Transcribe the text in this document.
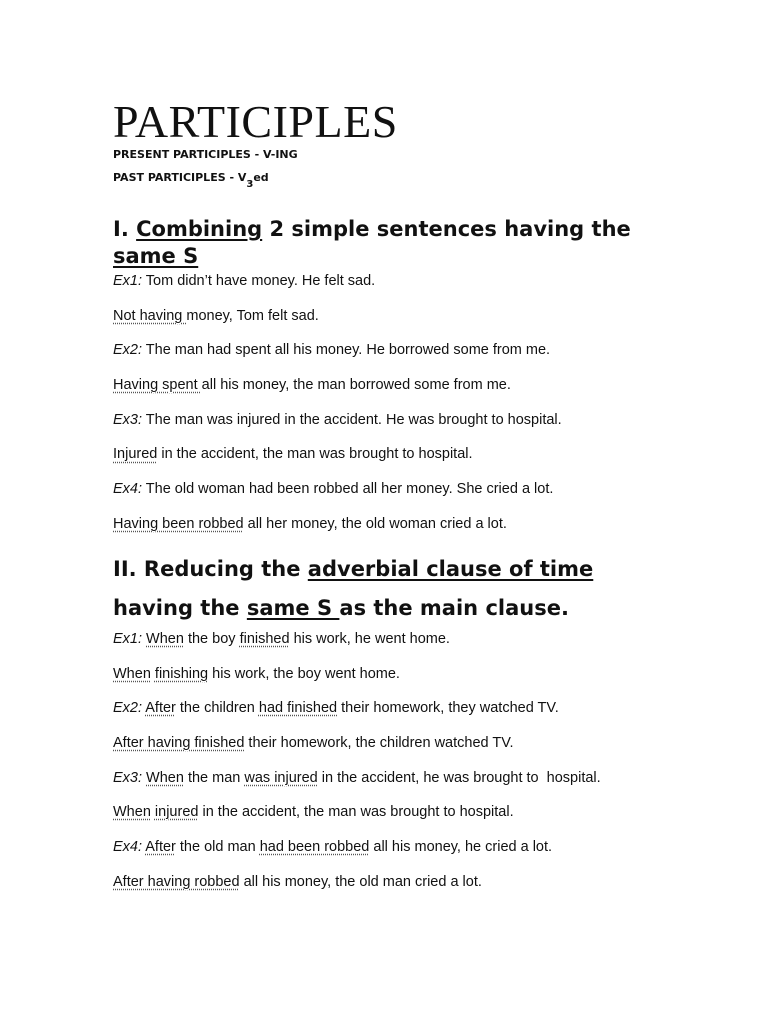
PARTICIPLES

PRESENT PARTICIPLES - V-ING

PAST PARTICIPLES - $V_3ed$

I. Combining 2 simple sentences having the same S

Ex1: Tom didn’t have money. He felt sad.

Not having money, Tom felt sad.

Ex2: The man had spent all his money. He borrowed some from me.

Having spent all his money, the man borrowed some from me.

Ex3: The man was injured in the accident. He was brought to hospital.

Injured in the accident, the man was brought to hospital.

Ex4: The old woman had been robbed all her money. She cried a lot.

Having been robbed all her money, the old woman cried a lot.

II. Reducing the adverbial clause of time having the same S as the main clause.

Ex1: When the boy finished his work, he went home.

When finishing his work, the boy went home.

Ex2: After the children had finished their homework, they watched TV.

After having finished their homework, the children watched TV.

Ex3: When the man was injured in the accident, he was brought to  hospital.

When injured in the accident, the man was brought to hospital.

Ex4: After the old man had been robbed all his money, he cried a lot.

After having robbed all his money, the old man cried a lot.
